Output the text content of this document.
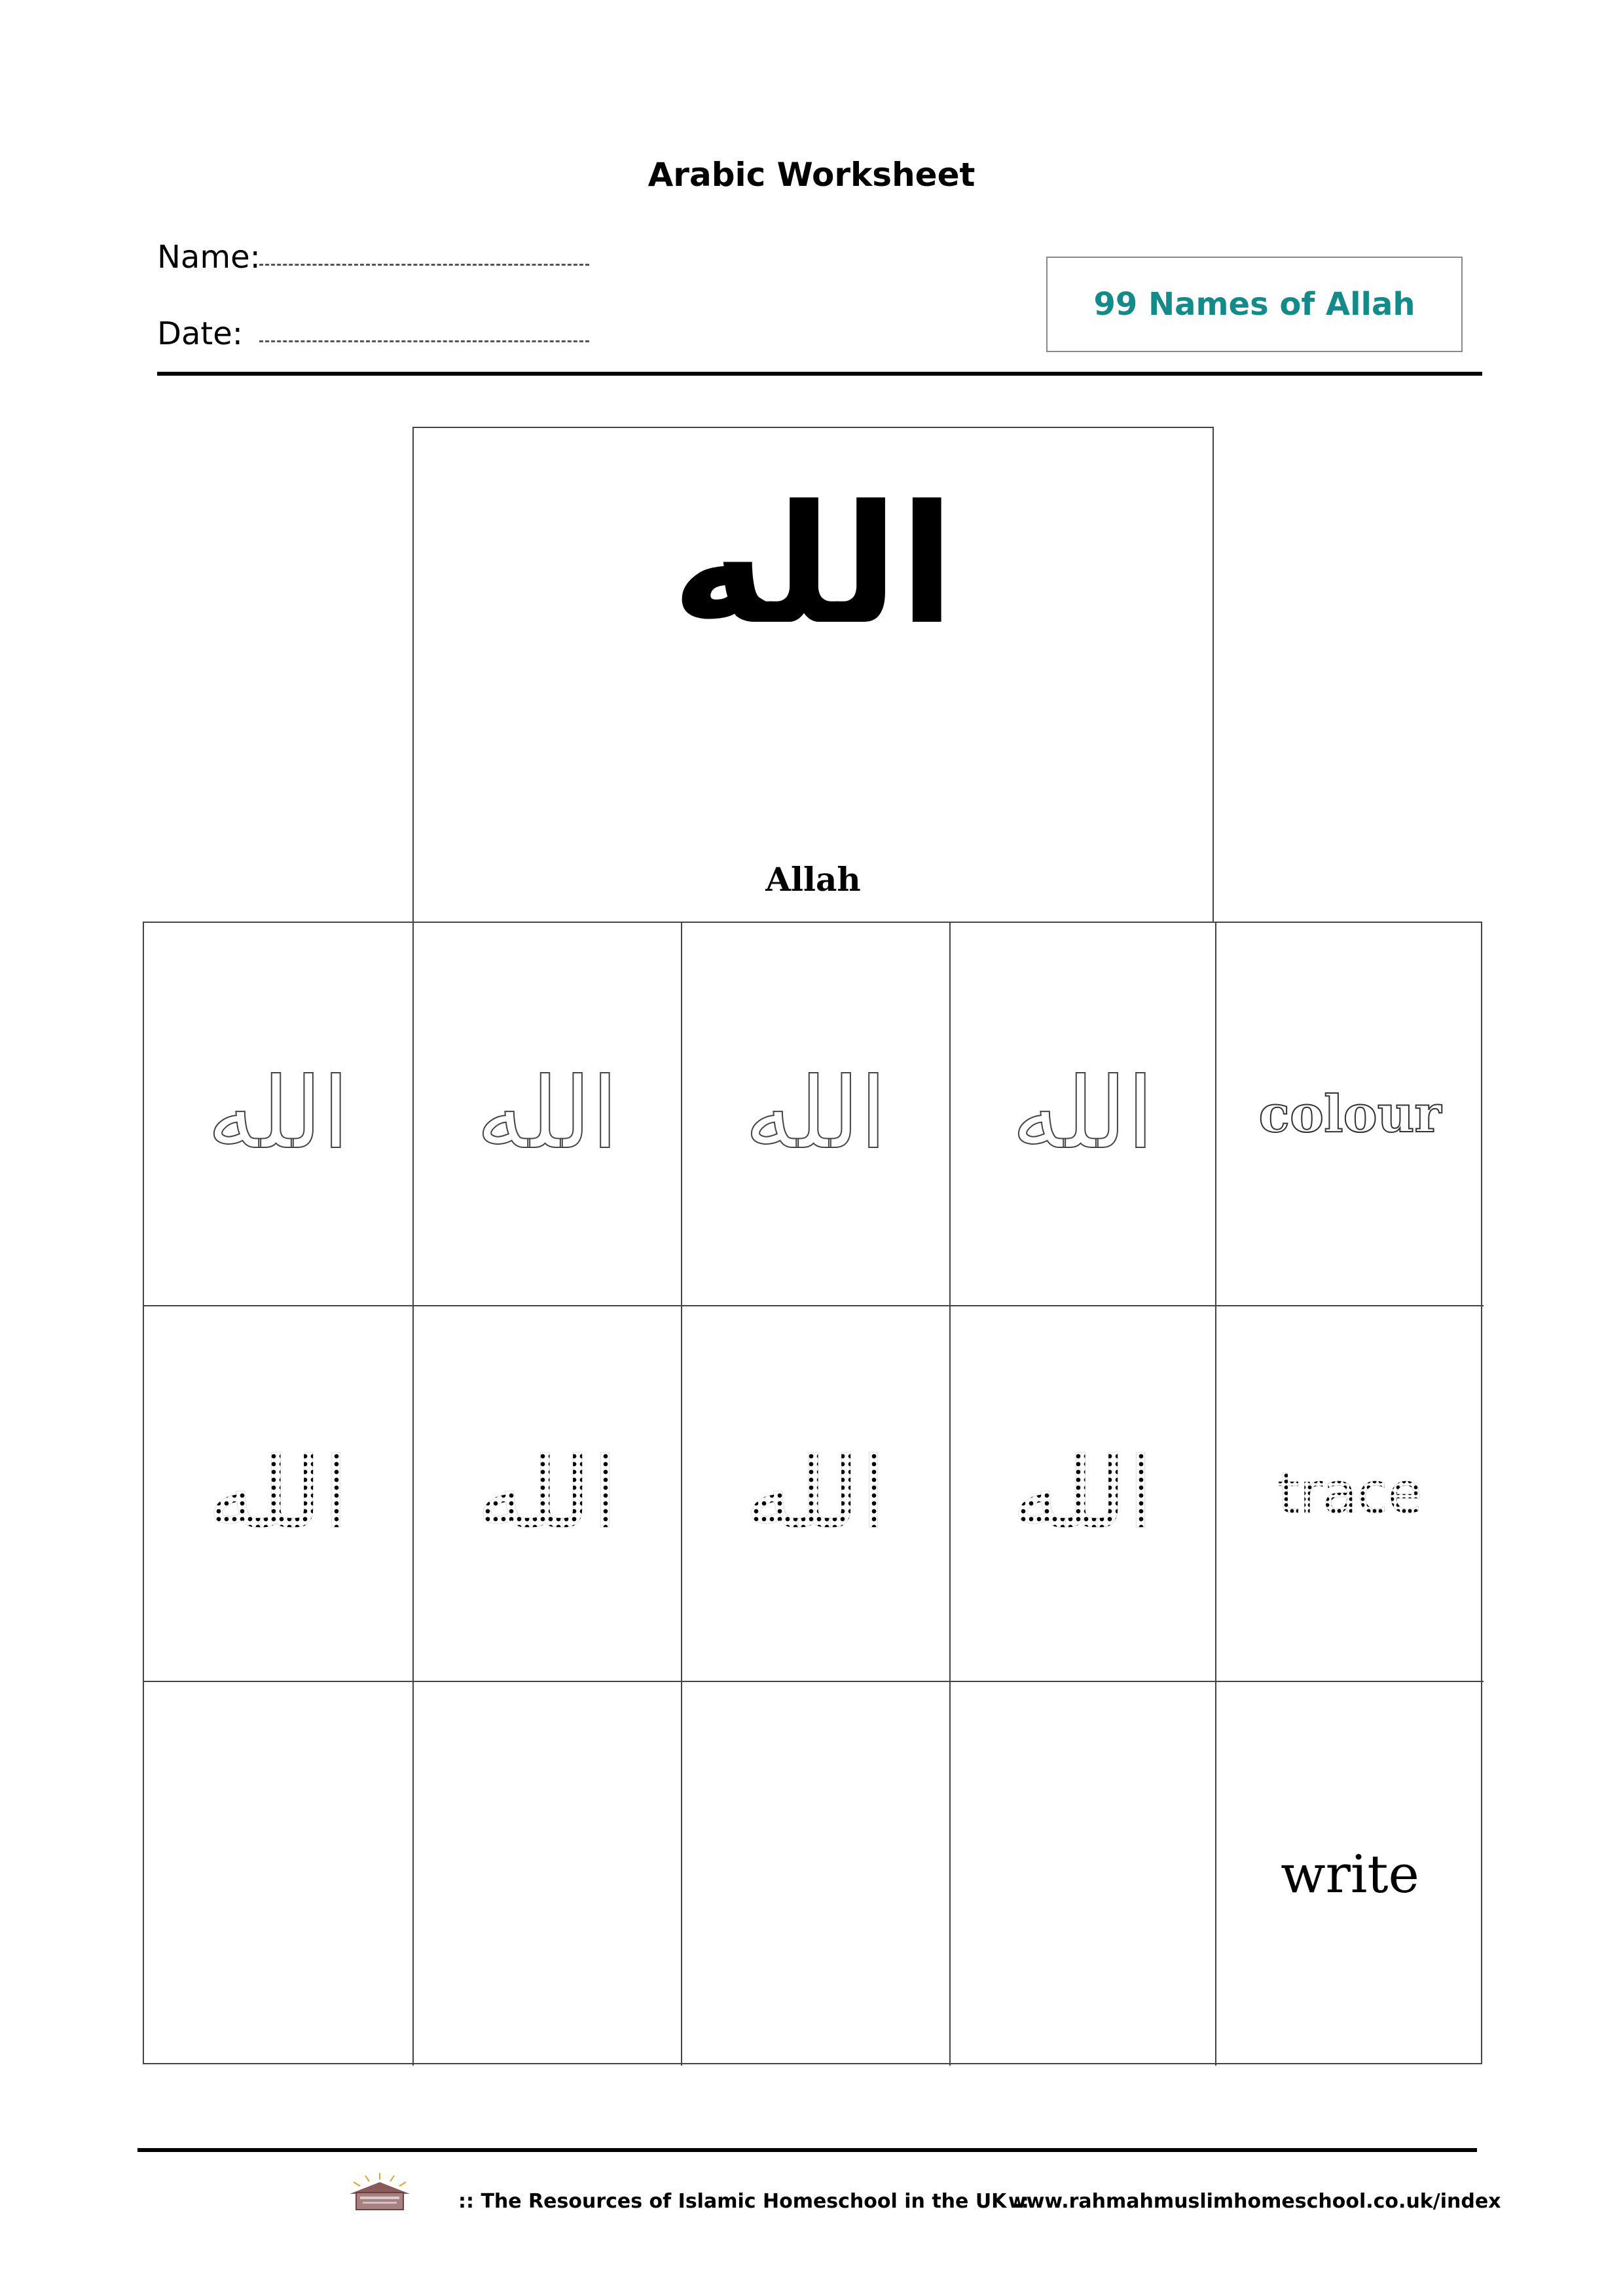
Arabic Worksheet
Name:
Date:
99 Names of Allah
الله
Allah
الله الله الله الله colour
الله الله الله الله trace
write
:: The Resources of Islamic Homeschool in the UK ::
www.rahmahmuslimhomeschool.co.uk/index
